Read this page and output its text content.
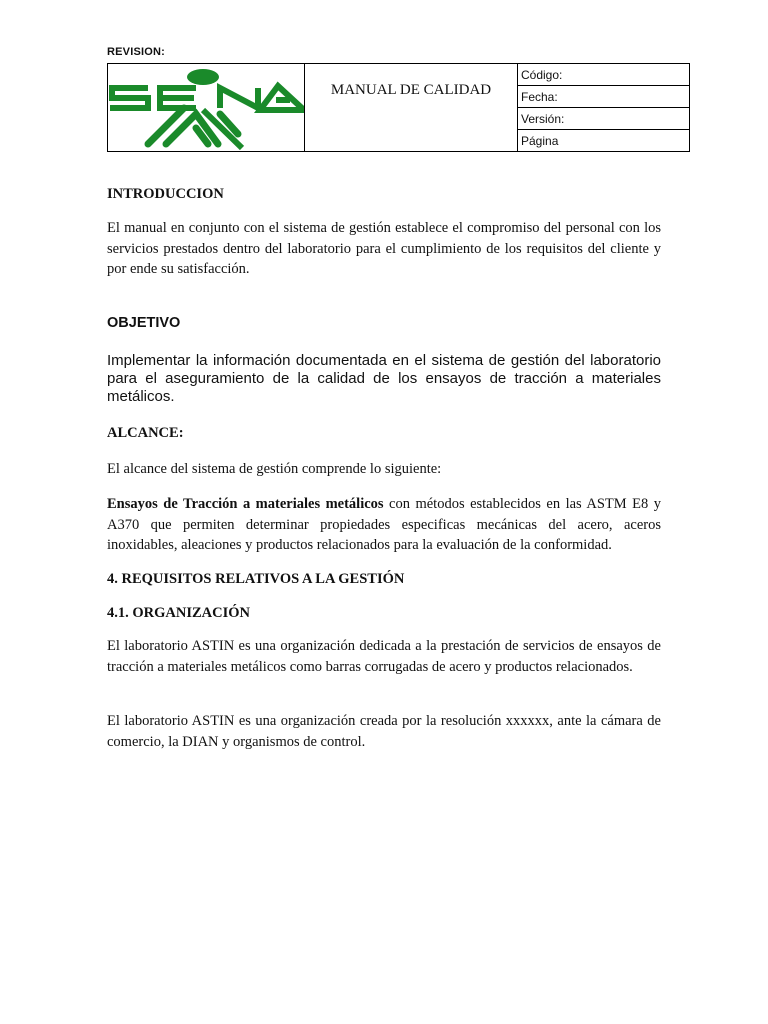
REVISION:
	MANUAL DE CALIDAD	Código:
Fecha:
Versión:
Página
INTRODUCCION

El manual en conjunto con el sistema de gestión establece el compromiso del personal con los servicios prestados dentro del laboratorio para el cumplimiento de los requisitos del cliente y por ende su satisfacción.

OBJETIVO

Implementar la información documentada en el sistema de gestión del laboratorio para el aseguramiento de la calidad de los ensayos de tracción a materiales metálicos.

ALCANCE:

El alcance del sistema de gestión comprende lo siguiente:

Ensayos de Tracción a materiales metálicos con métodos establecidos en las ASTM E8 y A370 que permiten determinar propiedades especificas mecánicas del acero, aceros inoxidables, aleaciones y productos relacionados para la evaluación de la conformidad.

4. REQUISITOS RELATIVOS A LA GESTIÓN
4.1. ORGANIZACIÓN

El laboratorio ASTIN es una organización dedicada a la prestación de servicios de ensayos de tracción a materiales metálicos como barras corrugadas de acero y productos relacionados.

El laboratorio ASTIN es una organización creada por la resolución xxxxxx, ante la cámara de comercio, la DIAN y organismos de control.
